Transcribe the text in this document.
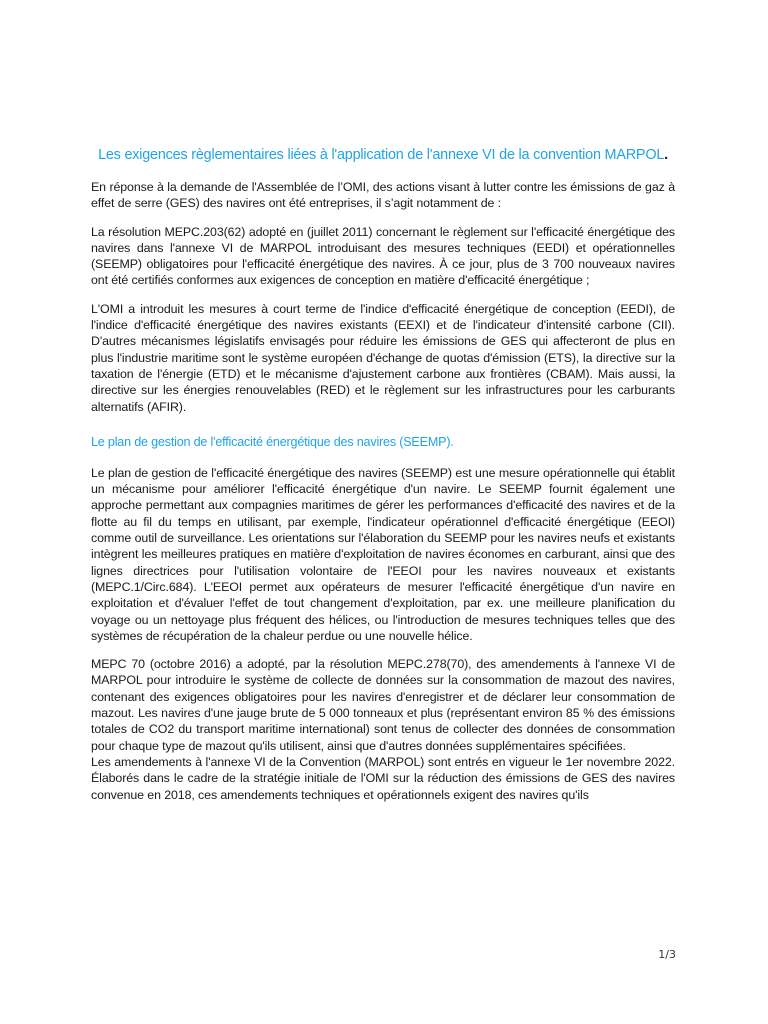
Les exigences règlementaires liées à l'application de l'annexe VI de la convention MARPOL.

En réponse à la demande de l'Assemblée de l’OMI, des actions visant à lutter contre les émissions de gaz à effet de serre (GES) des navires ont été entreprises, il s’agit notamment de :

La résolution MEPC.203(62) adopté en (juillet 2011) concernant le règlement sur l'efficacité énergétique des navires dans l'annexe VI de MARPOL introduisant des mesures techniques (EEDI) et opérationnelles (SEEMP) obligatoires pour l'efficacité énergétique des navires. À ce jour, plus de 3 700 nouveaux navires ont été certifiés conformes aux exigences de conception en matière d'efficacité énergétique ;

L'OMI a introduit les mesures à court terme de l'indice d'efficacité énergétique de conception (EEDI), de l'indice d'efficacité énergétique des navires existants (EEXI) et de l'indicateur d'intensité carbone (CII). D'autres mécanismes législatifs envisagés pour réduire les émissions de GES qui affecteront de plus en plus l'industrie maritime sont le système européen d'échange de quotas d'émission (ETS), la directive sur la taxation de l'énergie (ETD) et le mécanisme d'ajustement carbone aux frontières (CBAM). Mais aussi, la directive sur les énergies renouvelables (RED) et le règlement sur les infrastructures pour les carburants alternatifs (AFIR).

Le plan de gestion de l'efficacité énergétique des navires (SEEMP).

Le plan de gestion de l'efficacité énergétique des navires (SEEMP) est une mesure opérationnelle qui établit un mécanisme pour améliorer l'efficacité énergétique d'un navire. Le SEEMP fournit également une approche permettant aux compagnies maritimes de gérer les performances d'efficacité des navires et de la flotte au fil du temps en utilisant, par exemple, l'indicateur opérationnel d'efficacité énergétique (EEOI) comme outil de surveillance. Les orientations sur l'élaboration du SEEMP pour les navires neufs et existants intègrent les meilleures pratiques en matière d'exploitation de navires économes en carburant, ainsi que des lignes directrices pour l'utilisation volontaire de l'EEOI pour les navires nouveaux et existants (MEPC.1/Circ.684). L'EEOI permet aux opérateurs de mesurer l'efficacité énergétique d'un navire en exploitation et d'évaluer l'effet de tout changement d'exploitation, par ex. une meilleure planification du voyage ou un nettoyage plus fréquent des hélices, ou l'introduction de mesures techniques telles que des systèmes de récupération de la chaleur perdue ou une nouvelle hélice.

MEPC 70 (octobre 2016) a adopté, par la résolution MEPC.278(70), des amendements à l'annexe VI de MARPOL pour introduire le système de collecte de données sur la consommation de mazout des navires, contenant des exigences obligatoires pour les navires d'enregistrer et de déclarer leur consommation de mazout. Les navires d'une jauge brute de 5 000 tonneaux et plus (représentant environ 85 % des émissions totales de CO2 du transport maritime international) sont tenus de collecter des données de consommation pour chaque type de mazout qu'ils utilisent, ainsi que d'autres données supplémentaires spécifiées.

Les amendements à l'annexe VI de la Convention (MARPOL) sont entrés en vigueur le 1er novembre 2022. Élaborés dans le cadre de la stratégie initiale de l'OMI sur la réduction des émissions de GES des navires convenue en 2018, ces amendements techniques et opérationnels exigent des navires qu'ils

1/3
